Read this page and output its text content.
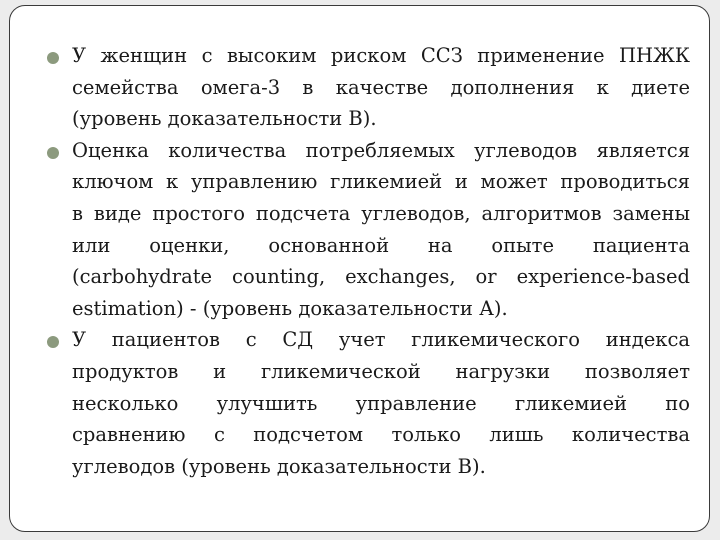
У женщин с высоким риском ССЗ применение ПНЖК
семейства омега-3 в качестве дополнения к диете
(уровень доказательности В).
Оценка количества потребляемых углеводов является
ключом к управлению гликемией и может проводиться
в виде простого подсчета углеводов, алгоритмов замены
или оценки, основанной на опыте пациента
(carbohydrate counting, exchanges, or experience-based
estimation) - (уровень доказательности А).
У пациентов с СД учет гликемического индекса
продуктов и гликемической нагрузки позволяет
несколько улучшить управление гликемией по
сравнению с подсчетом только лишь количества
углеводов (уровень доказательности В).
